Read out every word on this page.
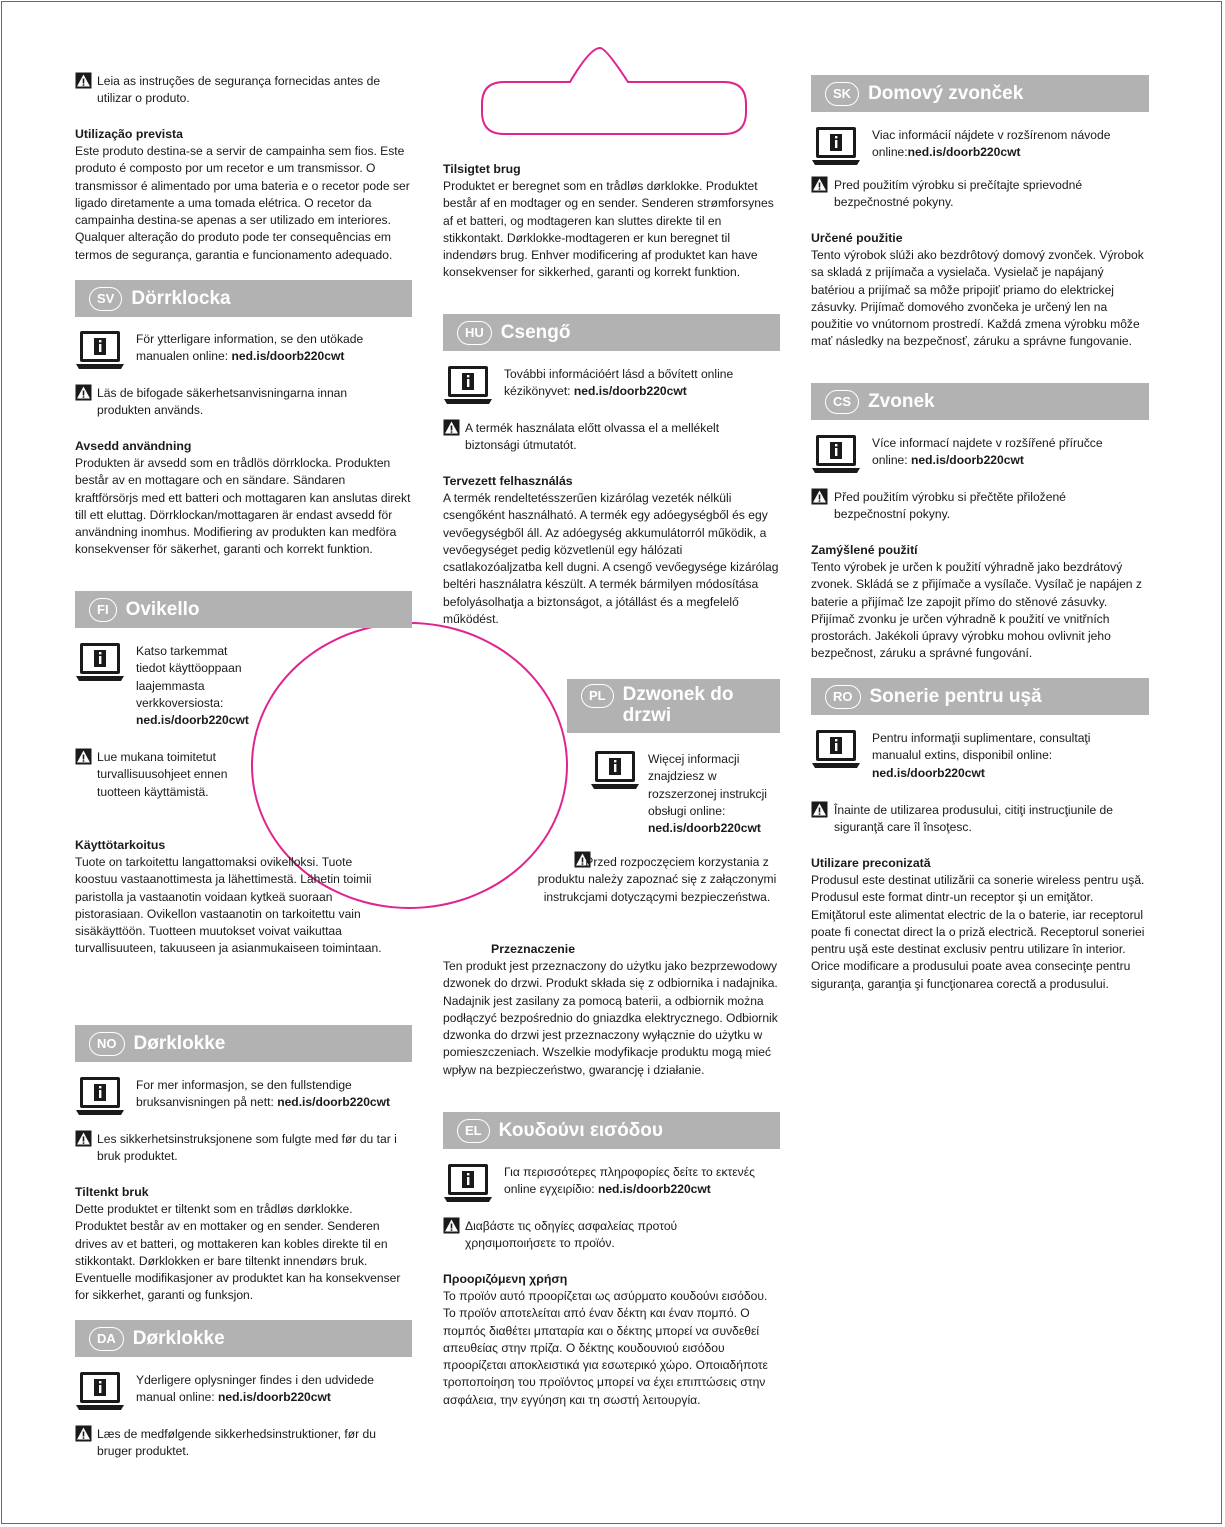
Leia as instruções de segurança fornecidas antes de utilizar o produto.

Utilização prevista

Este produto destina-se a servir de campainha sem fios. Este produto é composto por um recetor e um transmissor. O transmissor é alimentado por uma bateria e o recetor pode ser ligado diretamente a uma tomada elétrica. O recetor da campainha destina-se apenas a ser utilizado em interiores. Qualquer alteração do produto pode ter consequências em termos de segurança, garantia e funcionamento adequado.

SV Dörrklocka

För ytterligare information, se den utökade manualen online: ned.is/doorb220cwt

Läs de bifogade säkerhetsanvisningarna innan produkten används.

Avsedd användning

Produkten är avsedd som en trådlös dörrklocka. Produkten består av en mottagare och en sändare. Sändaren kraftförsörjs med ett batteri och mottagaren kan anslutas direkt till ett eluttag. Dörrklockan/mottagaren är endast avsedd för användning inomhus. Modifiering av produkten kan medföra konsekvenser för säkerhet, garanti och korrekt funktion.

FI Ovikello

Katso tarkemmat tiedot käyttöoppaan laajemmasta verkkoversiosta: ned.is/doorb220cwt

Lue mukana toimitetut turvallisuusohjeet ennen tuotteen käyttämistä.

Käyttötarkoitus

Tuote on tarkoitettu langattomaksi ovikelloksi. Tuote koostuu vastaanottimesta ja lähettimestä. Lähetin toimii paristolla ja vastaanotin voidaan kytkeä suoraan pistorasiaan. Ovikellon vastaanotin on tarkoitettu vain sisäkäyttöön. Tuotteen muutokset voivat vaikuttaa turvallisuuteen, takuuseen ja asianmukaiseen toimintaan.

NO Dørklokke

For mer informasjon, se den fullstendige bruksanvisningen på nett: ned.is/doorb220cwt

Les sikkerhetsinstruksjonene som fulgte med før du tar i bruk produktet.

Tiltenkt bruk

Dette produktet er tiltenkt som en trådløs dørklokke. Produktet består av en mottaker og en sender. Senderen drives av et batteri, og mottakeren kan kobles direkte til en stikkontakt. Dørklokken er bare tiltenkt innendørs bruk. Eventuelle modifikasjoner av produktet kan ha konsekvenser for sikkerhet, garanti og funksjon.

DA Dørklokke

Yderligere oplysninger findes i den udvidede manual online: ned.is/doorb220cwt

Læs de medfølgende sikkerhedsinstruktioner, før du bruger produktet.

Tilsigtet brug

Produktet er beregnet som en trådløs dørklokke. Produktet består af en modtager og en sender. Senderen strømforsynes af et batteri, og modtageren kan sluttes direkte til en stikkontakt. Dørklokke-modtageren er kun beregnet til indendørs brug. Enhver modificering af produktet kan have konsekvenser for sikkerhed, garanti og korrekt funktion.

HU Csengő

További információért lásd a bővített online kézikönyvet: ned.is/doorb220cwt

A termék használata előtt olvassa el a mellékelt biztonsági útmutatót.

Tervezett felhasználás

A termék rendeltetésszerűen kizárólag vezeték nélküli csengőként használható. A termék egy adóegységből és egy vevőegységből áll. Az adóegység akkumulátorról működik, a vevőegységet pedig közvetlenül egy hálózati csatlakozóaljzatba kell dugni. A csengő vevőegysége kizárólag beltéri használatra készült. A termék bármilyen módosítása befolyásolhatja a biztonságot, a jótállást és a megfelelő működést.

PL Dzwonek do drzwi

Więcej informacji znajdziesz w rozszerzonej instrukcji obsługi online: ned.is/doorb220cwt

Przed rozpoczęciem korzystania z produktu należy zapoznać się z załączonymi instrukcjami dotyczącymi bezpieczeństwa.

Przeznaczenie

Ten produkt jest przeznaczony do użytku jako bezprzewodowy dzwonek do drzwi. Produkt składa się z odbiornika i nadajnika. Nadajnik jest zasilany za pomocą baterii, a odbiornik można podłączyć bezpośrednio do gniazdka elektrycznego. Odbiornik dzwonka do drzwi jest przeznaczony wyłącznie do użytku w pomieszczeniach. Wszelkie modyfikacje produktu mogą mieć wpływ na bezpieczeństwo, gwarancję i działanie.

EL Κουδούνι εισόδου

Για περισσότερες πληροφορίες δείτε το εκτενές online εγχειρίδιο: ned.is/doorb220cwt

Διαβάστε τις οδηγίες ασφαλείας προτού χρησιμοποιήσετε το προϊόν.

Προοριζόμενη χρήση

Το προϊόν αυτό προορίζεται ως ασύρματο κουδούνι εισόδου. Το προϊόν αποτελείται από έναν δέκτη και έναν πομπό. Ο πομπός διαθέτει μπαταρία και ο δέκτης μπορεί να συνδεθεί απευθείας στην πρίζα. Ο δέκτης κουδουνιού εισόδου προορίζεται αποκλειστικά για εσωτερικό χώρο. Οποιαδήποτε τροποποίηση του προϊόντος μπορεί να έχει επιπτώσεις στην ασφάλεια, την εγγύηση και τη σωστή λειτουργία.

SK Domový zvonček

Viac informácií nájdete v rozšírenom návode online:ned.is/doorb220cwt

Pred použitím výrobku si prečítajte sprievodné bezpečnostné pokyny.

Určené použitie

Tento výrobok slúži ako bezdrôtový domový zvonček. Výrobok sa skladá z prijímača a vysielača. Vysielač je napájaný batériou a prijímač sa môže pripojiť priamo do elektrickej zásuvky. Prijímač domového zvončeka je určený len na použitie vo vnútornom prostredí. Každá zmena výrobku môže mať následky na bezpečnosť, záruku a správne fungovanie.

CS Zvonek

Více informací najdete v rozšířené příručce online: ned.is/doorb220cwt

Před použitím výrobku si přečtěte přiložené bezpečnostní pokyny.

Zamýšlené použití

Tento výrobek je určen k použití výhradně jako bezdrátový zvonek. Skládá se z přijímače a vysílače. Vysílač je napájen z baterie a přijímač lze zapojit přímo do stěnové zásuvky. Přijímač zvonku je určen výhradně k použití ve vnitřních prostorách. Jakékoli úpravy výrobku mohou ovlivnit jeho bezpečnost, záruku a správné fungování.

RO Sonerie pentru uşă

Pentru informaţii suplimentare, consultaţi manualul extins, disponibil online: ned.is/doorb220cwt

Înainte de utilizarea produsului, citiţi instrucţiunile de siguranţă care îl însoţesc.

Utilizare preconizată

Produsul este destinat utilizării ca sonerie wireless pentru uşă. Produsul este format dintr-un receptor şi un emiţător. Emiţătorul este alimentat electric de la o baterie, iar receptorul poate fi conectat direct la o priză electrică. Receptorul soneriei pentru uşă este destinat exclusiv pentru utilizare în interior. Orice modificare a produsului poate avea consecinţe pentru siguranţa, garanţia şi funcţionarea corectă a produsului.
